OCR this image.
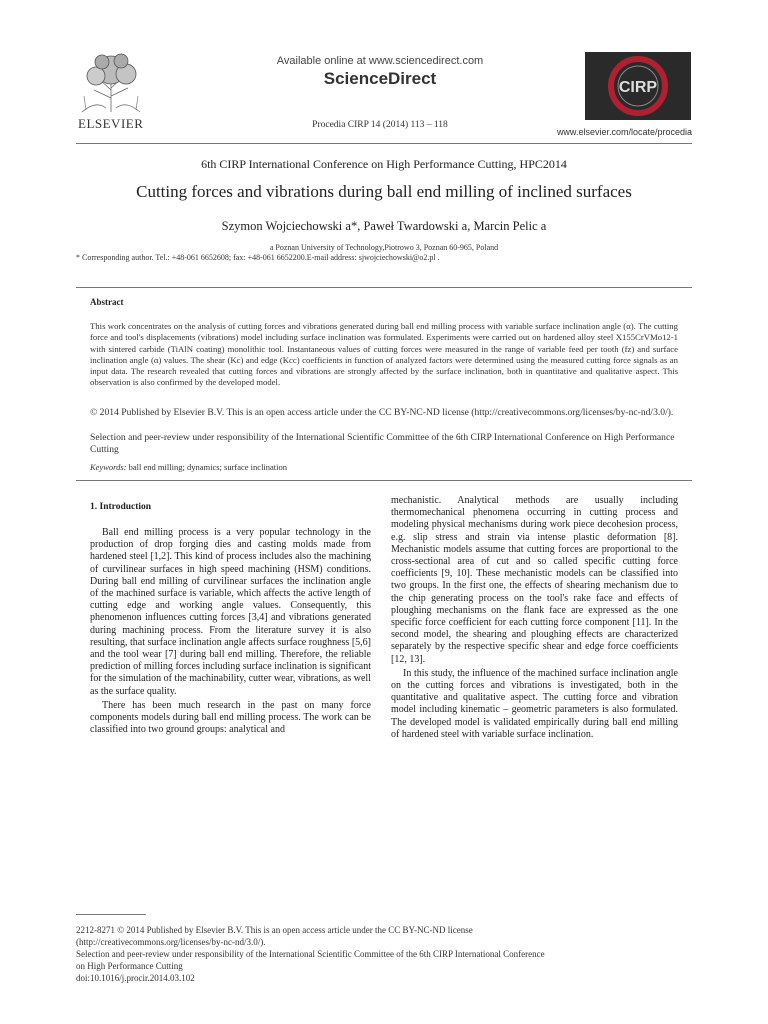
ELSEVIER
Available online at www.sciencedirect.com
ScienceDirect
Procedia CIRP 14 (2014) 113 – 118
CIRP
www.elsevier.com/locate/procedia
6th CIRP International Conference on High Performance Cutting, HPC2014
Cutting forces and vibrations during ball end milling of inclined surfaces
Szymon Wojciechowski a*, Paweł Twardowski a, Marcin Pelic a
a Poznan University of Technology,Piotrowo 3, Poznan 60-965, Poland
* Corresponding author. Tel.: +48-061 6652608; fax: +48-061 6652200.E-mail address: sjwojciechowski@o2.pl .
Abstract
This work concentrates on the analysis of cutting forces and vibrations generated during ball end milling process with variable surface inclination angle (α). The cutting force and tool's displacements (vibrations) model including surface inclination was formulated. Experiments were carried out on hardened alloy steel X155CrVMo12-1 with sintered carbide (TiAlN coating) monolithic tool. Instantaneous values of cutting forces were measured in the range of variable feed per tooth (fz) and surface inclination angle (α) values. The shear (Kc) and edge (Kcc) coefficients in function of analyzed factors were determined using the measured cutting force signals as an input data. The research revealed that cutting forces and vibrations are strongly affected by the surface inclination, both in quantitative and qualitative aspect. This observation is also confirmed by the developed model.
© 2014 Published by Elsevier B.V. This is an open access article under the CC BY-NC-ND license (http://creativecommons.org/licenses/by-nc-nd/3.0/).
Selection and peer-review under responsibility of the International Scientific Committee of the 6th CIRP International Conference on High Performance Cutting
Keywords: ball end milling; dynamics; surface inclination
1. Introduction

Ball end milling process is a very popular technology in the production of drop forging dies and casting molds made from hardened steel [1,2]. This kind of process includes also the machining of curvilinear surfaces in high speed machining (HSM) conditions. During ball end milling of curvilinear surfaces the inclination angle of the machined surface is variable, which affects the active length of cutting edge and working angle values. Consequently, this phenomenon influences cutting forces [3,4] and vibrations generated during machining process. From the literature survey it is also resulting, that surface inclination angle affects surface roughness [5,6] and the tool wear [7] during ball end milling. Therefore, the reliable prediction of milling forces including surface inclination is significant for the simulation of the machinability, cutter wear, vibrations, as well as the surface quality.

There has been much research in the past on many force components models during ball end milling process. The work can be classified into two ground groups: analytical and

mechanistic. Analytical methods are usually including thermomechanical phenomena occurring in cutting process and modeling physical mechanisms during work piece decohesion process, e.g. slip stress and strain via intense plastic deformation [8]. Mechanistic models assume that cutting forces are proportional to the cross-sectional area of cut and so called specific cutting force coefficients [9, 10]. These mechanistic models can be classified into two groups. In the first one, the effects of shearing mechanism due to the chip generating process on the tool's rake face and effects of ploughing mechanisms on the flank face are expressed as the one specific force coefficient for each cutting force component [11]. In the second model, the shearing and ploughing effects are characterized separately by the respective specific shear and edge force coefficients [12, 13].

In this study, the influence of the machined surface inclination angle on the cutting forces and vibrations is investigated, both in the quantitative and qualitative aspect. The cutting force and vibration model including kinematic – geometric parameters is also formulated. The developed model is validated empirically during ball end milling of hardened steel with variable surface inclination.

2212-8271 © 2014 Published by Elsevier B.V. This is an open access article under the CC BY-NC-ND license
(http://creativecommons.org/licenses/by-nc-nd/3.0/).
Selection and peer-review under responsibility of the International Scientific Committee of the 6th CIRP International Conference
on High Performance Cutting
doi:10.1016/j.procir.2014.03.102
